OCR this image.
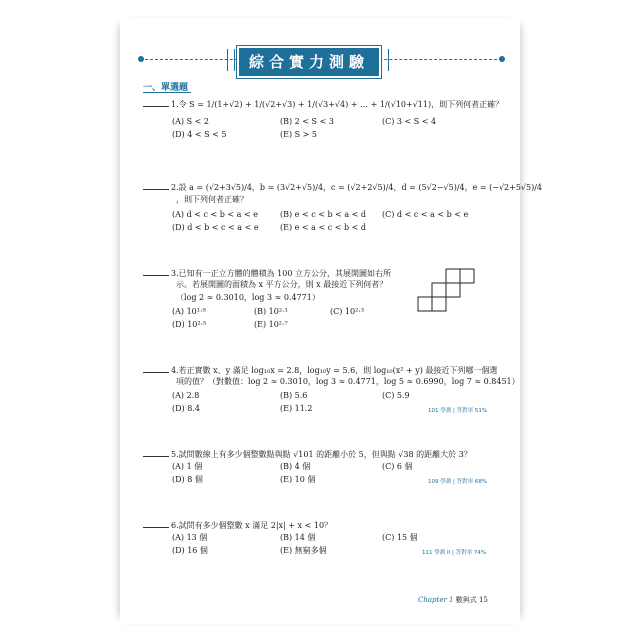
綜合實力測驗
一、單選題
1.令 S = 1/(1+√2) + 1/(√2+√3) + 1/(√3+√4) + … + 1/(√10+√11)，則下列何者正確？
(A) S < 2	(B) 2 < S < 3	(C) 3 < S < 4
(D) 4 < S < 5	(E) S > 5
2.設 a = (√2+3√5)/4，b = (3√2+√5)/4，c = (√2+2√5)/4，d = (5√2−√5)/4，e = (−√2+5√5)/4
，則下列何者正確？
(A) d < c < b < a < e	(B) e < c < b < a < d (C) d < c < a < b < e
(D) d < b < c < a < e	(E) e < a < c < b < d
3.已知有一正立方體的體積為 100 立方公分，其展開圖如右所
示。若展開圖的面積為 x 平方公分，則 x 最接近下列何者？
（log 2 ≈ 0.3010，log 3 ≈ 0.4771）
(A) 10¹·⁹	(B) 10²·¹	(C) 10²·³
(D) 10²·⁵	(E) 10²·⁷
4.若正實數 x、y 滿足 log₁₀x = 2.8，log₁₀y = 5.6，則 log₁₀(x² + y) 最接近下列哪一個選
項的值？（對數值：log 2 ≈ 0.3010，log 3 ≈ 0.4771，log 5 ≈ 0.6990，log 7 ≈ 0.8451）
(A) 2.8	(B) 5.6	(C) 5.9
(D) 8.4	(E) 11.2	101 學測 | 答對率 51%
5.試問數線上有多少個整數點與點 √101 的距離小於 5，但與點 √38 的距離大於 3？
(A) 1 個	(B) 4 個	(C) 6 個
(D) 8 個	(E) 10 個	109 學測 | 答對率 68%
6.試問有多少個整數 x 滿足 2|x| + x < 10？
(A) 13 個	(B) 14 個	(C) 15 個
(D) 16 個	(E) 無窮多個	111 學測 II | 答對率 74%
Chapter 1 數與式 15
